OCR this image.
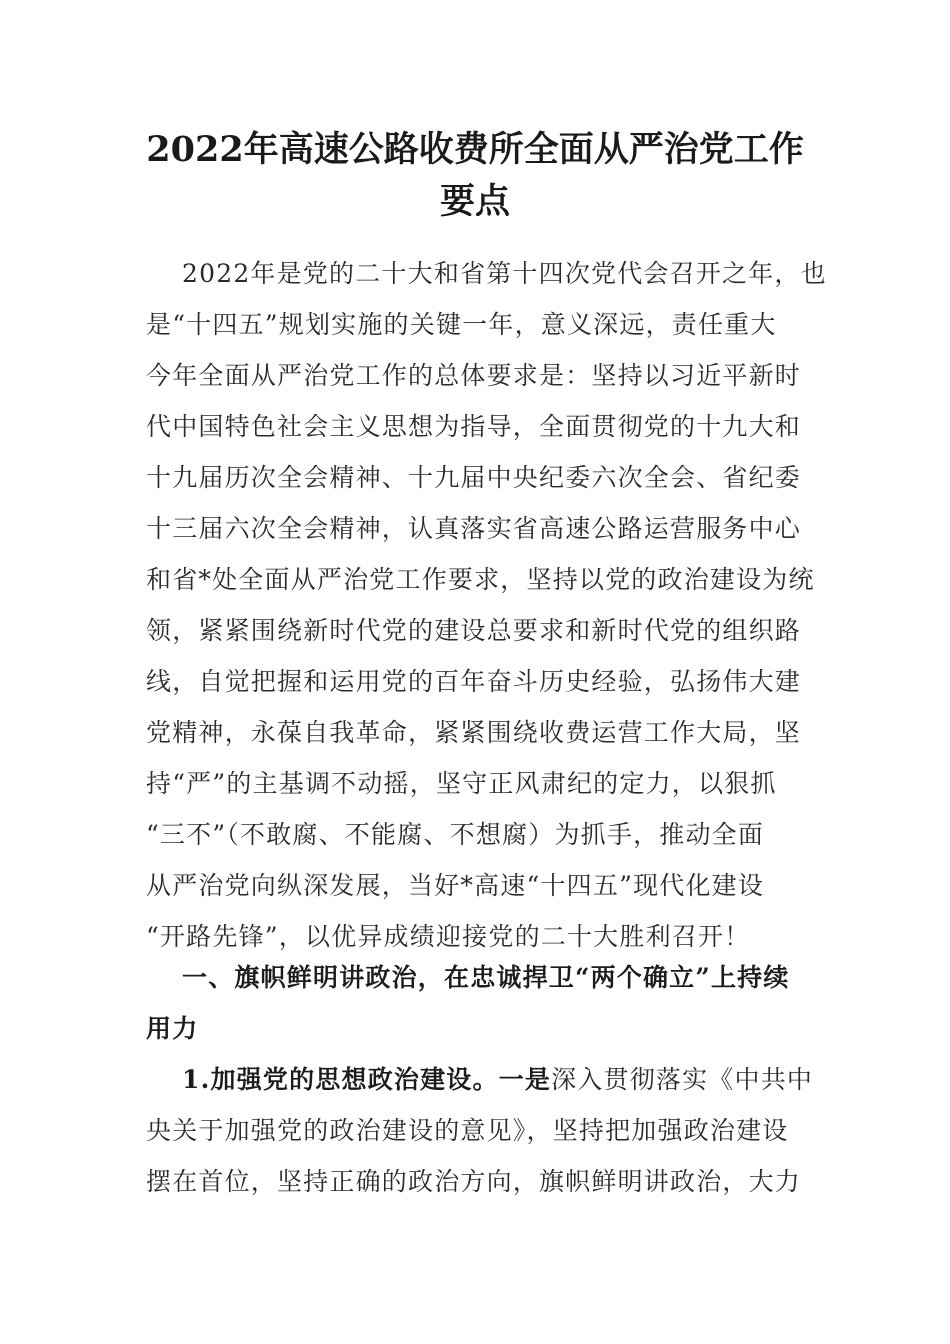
2022年高速公路收费所全面从严治党工作
要点
2022年是党的二十大和省第十四次党代会召开之年，也
是“十四五”规划实施的关键一年，意义深远，责任重大
今年全面从严治党工作的总体要求是：坚持以习近平新时
代中国特色社会主义思想为指导，全面贯彻党的十九大和
十九届历次全会精神、十九届中央纪委六次全会、省纪委
十三届六次全会精神，认真落实省高速公路运营服务中心
和省*处全面从严治党工作要求，坚持以党的政治建设为统
领，紧紧围绕新时代党的建设总要求和新时代党的组织路
线，自觉把握和运用党的百年奋斗历史经验，弘扬伟大建
党精神，永葆自我革命，紧紧围绕收费运营工作大局，坚
持“严”的主基调不动摇，坚守正风肃纪的定力，以狠抓
“三不”（不敢腐、不能腐、不想腐）为抓手，推动全面
从严治党向纵深发展，当好*高速“十四五”现代化建设
“开路先锋”，以优异成绩迎接党的二十大胜利召开！
一、旗帜鲜明讲政治，在忠诚捍卫“两个确立”上持续
用力
1.加强党的思想政治建设。一是深入贯彻落实《中共中
央关于加强党的政治建设的意见》，坚持把加强政治建设
摆在首位，坚持正确的政治方向，旗帜鲜明讲政治，大力
